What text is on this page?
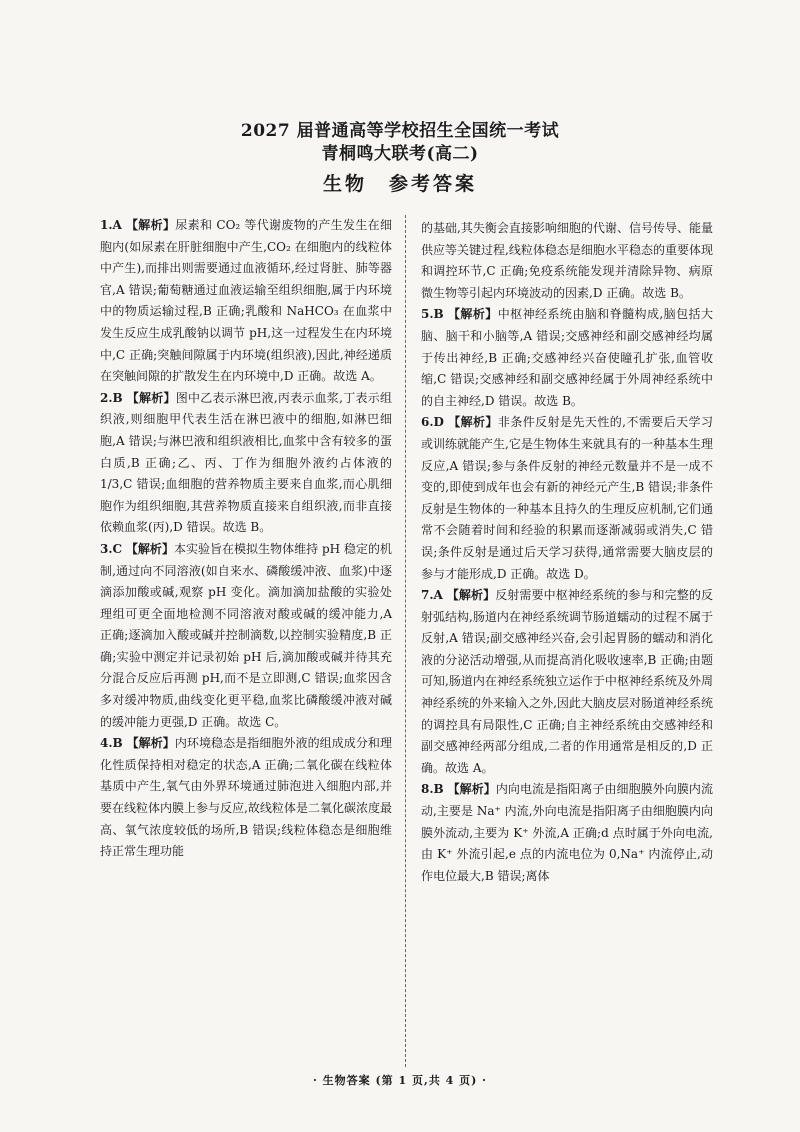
2027 届普通高等学校招生全国统一考试
青桐鸣大联考(高二)
生物　参考答案

1.A 【解析】尿素和 CO₂ 等代谢废物的产生发生在细胞内(如尿素在肝脏细胞中产生,CO₂ 在细胞内的线粒体中产生),而排出则需要通过血液循环,经过肾脏、肺等器官,A 错误;葡萄糖通过血液运输至组织细胞,属于内环境中的物质运输过程,B 正确;乳酸和 NaHCO₃ 在血浆中发生反应生成乳酸钠以调节 pH,这一过程发生在内环境中,C 正确;突触间隙属于内环境(组织液),因此,神经递质在突触间隙的扩散发生在内环境中,D 正确。故选 A。

2.B 【解析】图中乙表示淋巴液,丙表示血浆,丁表示组织液,则细胞甲代表生活在淋巴液中的细胞,如淋巴细胞,A 错误;与淋巴液和组织液相比,血浆中含有较多的蛋白质,B 正确;乙、丙、丁作为细胞外液约占体液的 1/3,C 错误;血细胞的营养物质主要来自血浆,而心肌细胞作为组织细胞,其营养物质直接来自组织液,而非直接依赖血浆(丙),D 错误。故选 B。

3.C 【解析】本实验旨在模拟生物体维持 pH 稳定的机制,通过向不同溶液(如自来水、磷酸缓冲液、血浆)中逐滴添加酸或碱,观察 pH 变化。滴加滴加盐酸的实验处理组可更全面地检测不同溶液对酸或碱的缓冲能力,A 正确;逐滴加入酸或碱并控制滴数,以控制实验精度,B 正确;实验中测定并记录初始 pH 后,滴加酸或碱并待其充分混合反应后再测 pH,而不是立即测,C 错误;血浆因含多对缓冲物质,曲线变化更平稳,血浆比磷酸缓冲液对碱的缓冲能力更强,D 正确。故选 C。

4.B 【解析】内环境稳态是指细胞外液的组成成分和理化性质保持相对稳定的状态,A 正确;二氧化碳在线粒体基质中产生,氧气由外界环境通过肺泡进入细胞内部,并要在线粒体内膜上参与反应,故线粒体是二氧化碳浓度最高、氧气浓度较低的场所,B 错误;线粒体稳态是细胞维持正常生理功能

的基础,其失衡会直接影响细胞的代谢、信号传导、能量供应等关键过程,线粒体稳态是细胞水平稳态的重要体现和调控环节,C 正确;免疫系统能发现并清除异物、病原微生物等引起内环境波动的因素,D 正确。故选 B。

5.B 【解析】中枢神经系统由脑和脊髓构成,脑包括大脑、脑干和小脑等,A 错误;交感神经和副交感神经均属于传出神经,B 正确;交感神经兴奋使瞳孔扩张,血管收缩,C 错误;交感神经和副交感神经属于外周神经系统中的自主神经,D 错误。故选 B。

6.D 【解析】非条件反射是先天性的,不需要后天学习或训练就能产生,它是生物体生来就具有的一种基本生理反应,A 错误;参与条件反射的神经元数量并不是一成不变的,即使到成年也会有新的神经元产生,B 错误;非条件反射是生物体的一种基本且持久的生理反应机制,它们通常不会随着时间和经验的积累而逐渐减弱或消失,C 错误;条件反射是通过后天学习获得,通常需要大脑皮层的参与才能形成,D 正确。故选 D。

7.A 【解析】反射需要中枢神经系统的参与和完整的反射弧结构,肠道内在神经系统调节肠道蠕动的过程不属于反射,A 错误;副交感神经兴奋,会引起胃肠的蠕动和消化液的分泌活动增强,从而提高消化吸收速率,B 正确;由题可知,肠道内在神经系统独立运作于中枢神经系统及外周神经系统的外来输入之外,因此大脑皮层对肠道神经系统的调控具有局限性,C 正确;自主神经系统由交感神经和副交感神经两部分组成,二者的作用通常是相反的,D 正确。故选 A。

8.B 【解析】内向电流是指阳离子由细胞膜外向膜内流动,主要是 Na⁺ 内流,外向电流是指阳离子由细胞膜内向膜外流动,主要为 K⁺ 外流,A 正确;d 点时属于外向电流,由 K⁺ 外流引起,e 点的内流电位为 0,Na⁺ 内流停止,动作电位最大,B 错误;离体

· 生物答案 (第 1 页,共 4 页) ·
